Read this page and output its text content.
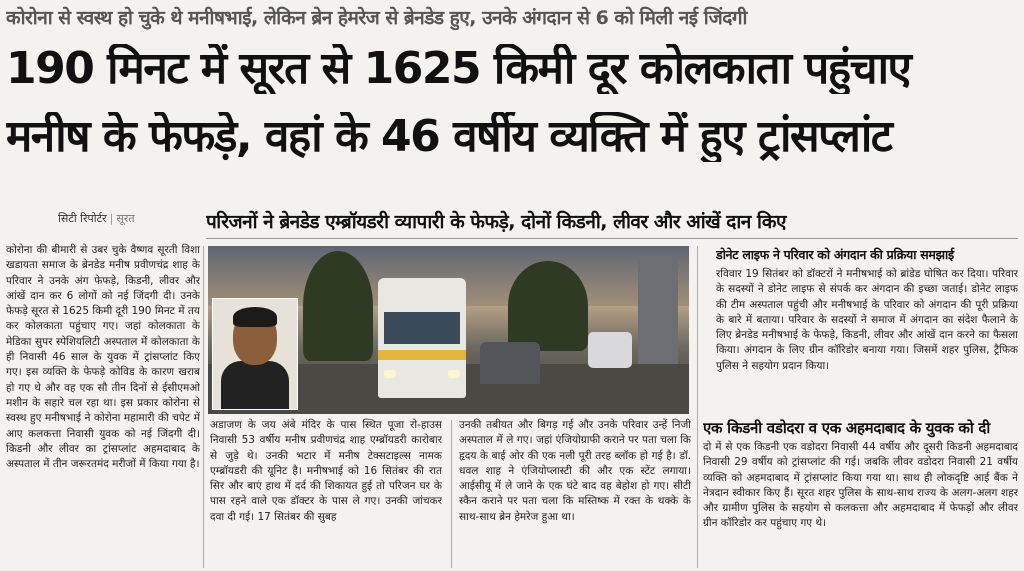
कोरोना से स्वस्थ हो चुके थे मनीषभाई, लेकिन ब्रेन हेमरेज से ब्रेनडेड हुए, उनके अंगदान से 6 को मिली नई जिंदगी
190 मिनट में सूरत से 1625 किमी दूर कोलकाता पहुंचाए
मनीष के फेफड़े, वहां के 46 वर्षीय व्यक्ति में हुए ट्रांसप्लांट
सिटी रिपोर्टर | सूरत	परिजनों ने ब्रेनडेड एम्ब्रॉयडरी व्यापारी के फेफड़े, दोनों किडनी, लीवर और आंखें दान किए
कोरोना की बीमारी से उबर चुके वैष्णव सूरती विशा खडायता समाज के ब्रेनडेड मनीष प्रवीणचंद्र शाह के परिवार ने उनके अंग फेफड़े, किडनी, लीवर और आंखें दान कर 6 लोगों को नई जिंदगी दी। उनके फेफड़े सूरत से 1625 किमी दूरी 190 मिनट में तय कर कोलकाता पहुंचाए गए। जहां कोलकाता के मेडिका सुपर स्पेशियलिटी अस्पताल में कोलकाता के ही निवासी 46 साल के युवक में ट्रांसप्लांट किए गए। इस व्यक्ति के फेफड़े कोविड के कारण खराब हो गए थे और वह एक सौ तीन दिनों से ईसीएमओ मशीन के सहारे चल रहा था। इस प्रकार कोरोना से स्वस्थ हुए मनीषभाई ने कोरोना महामारी की चपेट में आए कलकत्ता निवासी युवक को नई जिंदगी दी। किडनी और लीवर का ट्रांसप्लांट अहमदाबाद के अस्पताल में तीन जरूरतमंद मरीजों में किया गया है।
अडाजण के जय अंबे मंदिर के पास स्थित पूजा रो-हाउस निवासी 53 वर्षीय मनीष प्रवीणचंद्र शाह एम्ब्रॉयडरी कारोबार से जुड़े थे। उनकी भटार में मनीष टेक्सटाइल्स नामक एम्ब्रॉयडरी की यूनिट है। मनीषभाई को 16 सितंबर की रात सिर और बाएं हाथ में दर्द की शिकायत हुई तो परिजन घर के पास रहने वाले एक डॉक्टर के पास ले गए। उनकी जांचकर दवा दी गई। 17 सितंबर की सुबह
उनकी तबीयत और बिगड़ गई और उनके परिवार उन्हें निजी अस्पताल में ले गए। जहां एंजियोग्राफी कराने पर पता चला कि हृदय के बाई ओर की एक नली पूरी तरह ब्लॉक हो गई है। डॉ. धवल शाह ने एंजियोप्लास्टी की और एक स्टेंट लगाया। आईसीयू में ले जाने के एक घंटे बाद वह बेहोश हो गए। सीटी स्कैन कराने पर पता चला कि मस्तिष्क में रक्त के थक्के के साथ-साथ ब्रेन हेमरेज हुआ था।
डोनेट लाइफ ने परिवार को अंगदान की प्रक्रिया समझाई
रविवार 19 सितंबर को डॉक्टरों ने मनीषभाई को ब्रांडेड घोषित कर दिया। परिवार के सदस्यों ने डोनेट लाइफ से संपर्क कर अंगदान की इच्छा जताई। डोनेट लाइफ की टीम अस्पताल पहुंची और मनीषभाई के परिवार को अंगदान की पूरी प्रक्रिया के बारे में बताया। परिवार के सदस्यों ने समाज में अंगदान का संदेश फैलाने के लिए ब्रेनडेड मनीषभाई के फेफड़े, किडनी, लीवर और आंखें दान करने का फैसला किया। अंगदान के लिए ग्रीन कॉरिडोर बनाया गया। जिसमें शहर पुलिस, ट्रैफिक पुलिस ने सहयोग प्रदान किया।
एक किडनी वडोदरा व एक अहमदाबाद के युवक को दी
दो में से एक किडनी एक वडोदरा निवासी 44 वर्षीय और दूसरी किडनी अहमदाबाद निवासी 29 वर्षीय को ट्रांसप्लांट की गई। जबकि लीवर वडोदरा निवासी 21 वर्षीय व्यक्ति को अहमदाबाद में ट्रांसप्लांट किया गया था। साथ ही लोकदृष्टि आई बैंक ने नेत्रदान स्वीकार किए हैं। सूरत शहर पुलिस के साथ-साथ राज्य के अलग-अलग शहर और ग्रामीण पुलिस के सहयोग से कलकत्ता और अहमदाबाद में फेफड़ों और लीवर ग्रीन कॉरिडोर कर पहुंचाए गए थे।
